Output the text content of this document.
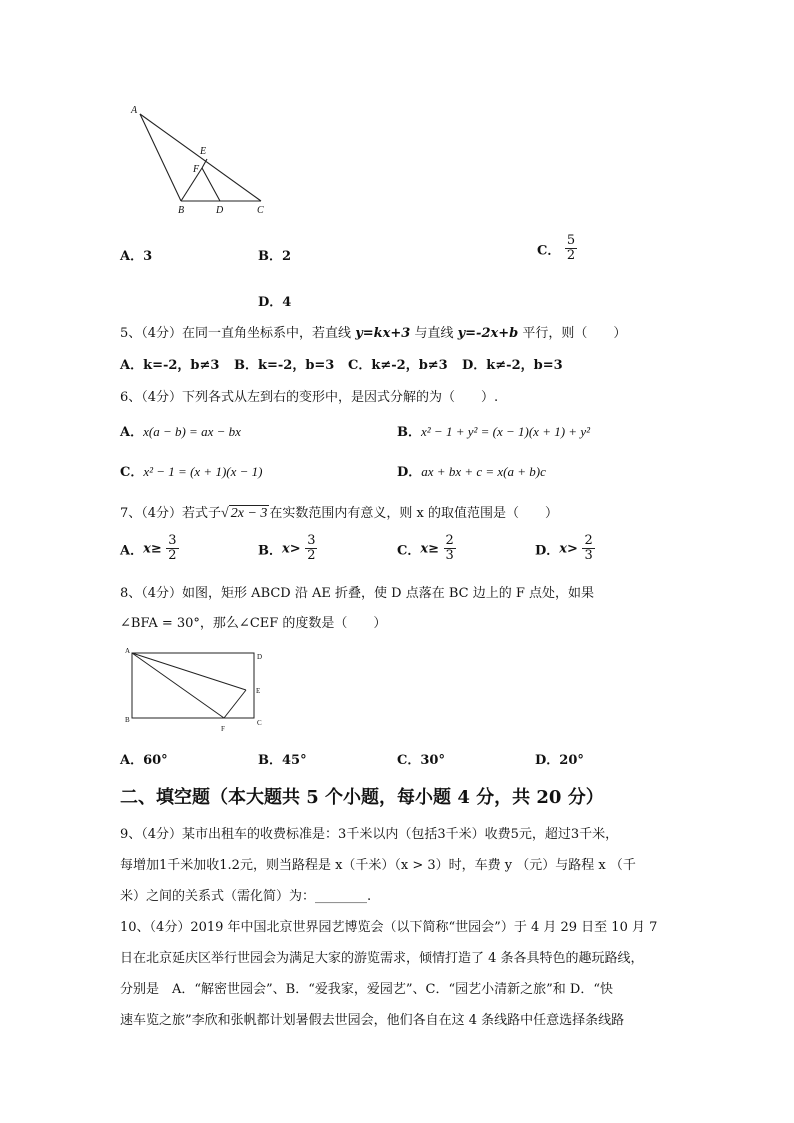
A
E
F
B	D	C
A．3	B．2	C． $\frac{5}{2}$
D．4
5、（4分）在同一直角坐标系中，若直线 y=kx+3 与直线 y=-2x+b 平行，则（　　）
A．k=-2，b≠3 B．k=-2，b=3 C．k≠-2，b≠3 D．k≠-2，b=3
6、（4分）下列各式从左到右的变形中，是因式分解的为（　　）.
A．x(a − b) = ax − bx	B．x² − 1 + y² = (x − 1)(x + 1) + y²
C．x² − 1 = (x + 1)(x − 1)	D．ax + bx + c = x(a + b)c
7、（4分）若式子√ 2x − 3 在实数范围内有意义，则 x 的取值范围是（　　）
A．$x\ge \frac{3}{2}$	B．$x> \frac{3}{2}$	C．$x\ge \frac{2}{3}$	D．$x> \frac{2}{3}$
8、（4分）如图，矩形 ABCD 沿 AE 折叠，使 D 点落在 BC 边上的 F 点处，如果
∠BFA = 30°，那么∠CEF 的度数是（　　）
A
D
E
B
F
C
A．60°	B．45°	C．30°	D．20°
二、填空题（本大题共 5 个小题，每小题 4 分，共 20 分）
9、（4分）某市出租车的收费标准是：3千米以内（包括3千米）收费5元，超过3千米，
每增加1千米加收1.2元，则当路程是 x（千米）（x > 3）时，车费 y （元）与路程 x （千
米）之间的关系式（需化简）为：________.
10、（4分）2019 年中国北京世界园艺博览会（以下简称“世园会”）于 4 月 29 日至 10 月 7
日在北京延庆区举行世园会为满足大家的游览需求，倾情打造了 4 条各具特色的趣玩路线，
分别是　A．“解密世园会”、B．“爱我家，爱园艺”、C．“园艺小清新之旅”和 D．“快
速车览之旅”李欣和张帆都计划暑假去世园会，他们各自在这 4 条线路中任意选择条线路
